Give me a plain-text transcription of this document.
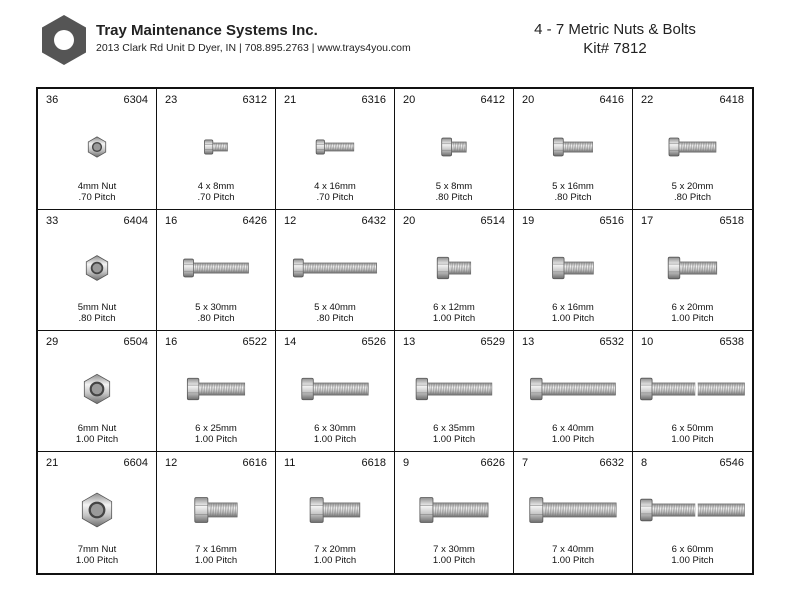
Tray Maintenance Systems Inc.
2013 Clark Rd Unit D Dyer, IN | 708.895.2763 | www.trays4you.com
4 - 7 Metric Nuts & Bolts
Kit# 7812
36	6304
4mm Nut
.70 Pitch
23	6312
4 x 8mm
.70 Pitch
21	6316
4 x 16mm
.70 Pitch
20	6412
5 x 8mm
.80 Pitch
20	6416
5 x 16mm
.80 Pitch
22	6418
5 x 20mm
.80 Pitch
33	6404
5mm Nut
.80 Pitch
16	6426
5 x 30mm
.80 Pitch
12	6432
5 x 40mm
.80 Pitch
20	6514
6 x 12mm
1.00 Pitch
19	6516
6 x 16mm
1.00 Pitch
17	6518
6 x 20mm
1.00 Pitch
29	6504
6mm Nut
1.00 Pitch
16	6522
6 x 25mm
1.00 Pitch
14	6526
6 x 30mm
1.00 Pitch
13	6529
6 x 35mm
1.00 Pitch
13	6532
6 x 40mm
1.00 Pitch
10	6538
6 x 50mm
1.00 Pitch
21	6604
7mm Nut
1.00 Pitch
12	6616
7 x 16mm
1.00 Pitch
11	6618
7 x 20mm
1.00 Pitch
9	6626
7 x 30mm
1.00 Pitch
7	6632
7 x 40mm
1.00 Pitch
8	6546
6 x 60mm
1.00 Pitch
